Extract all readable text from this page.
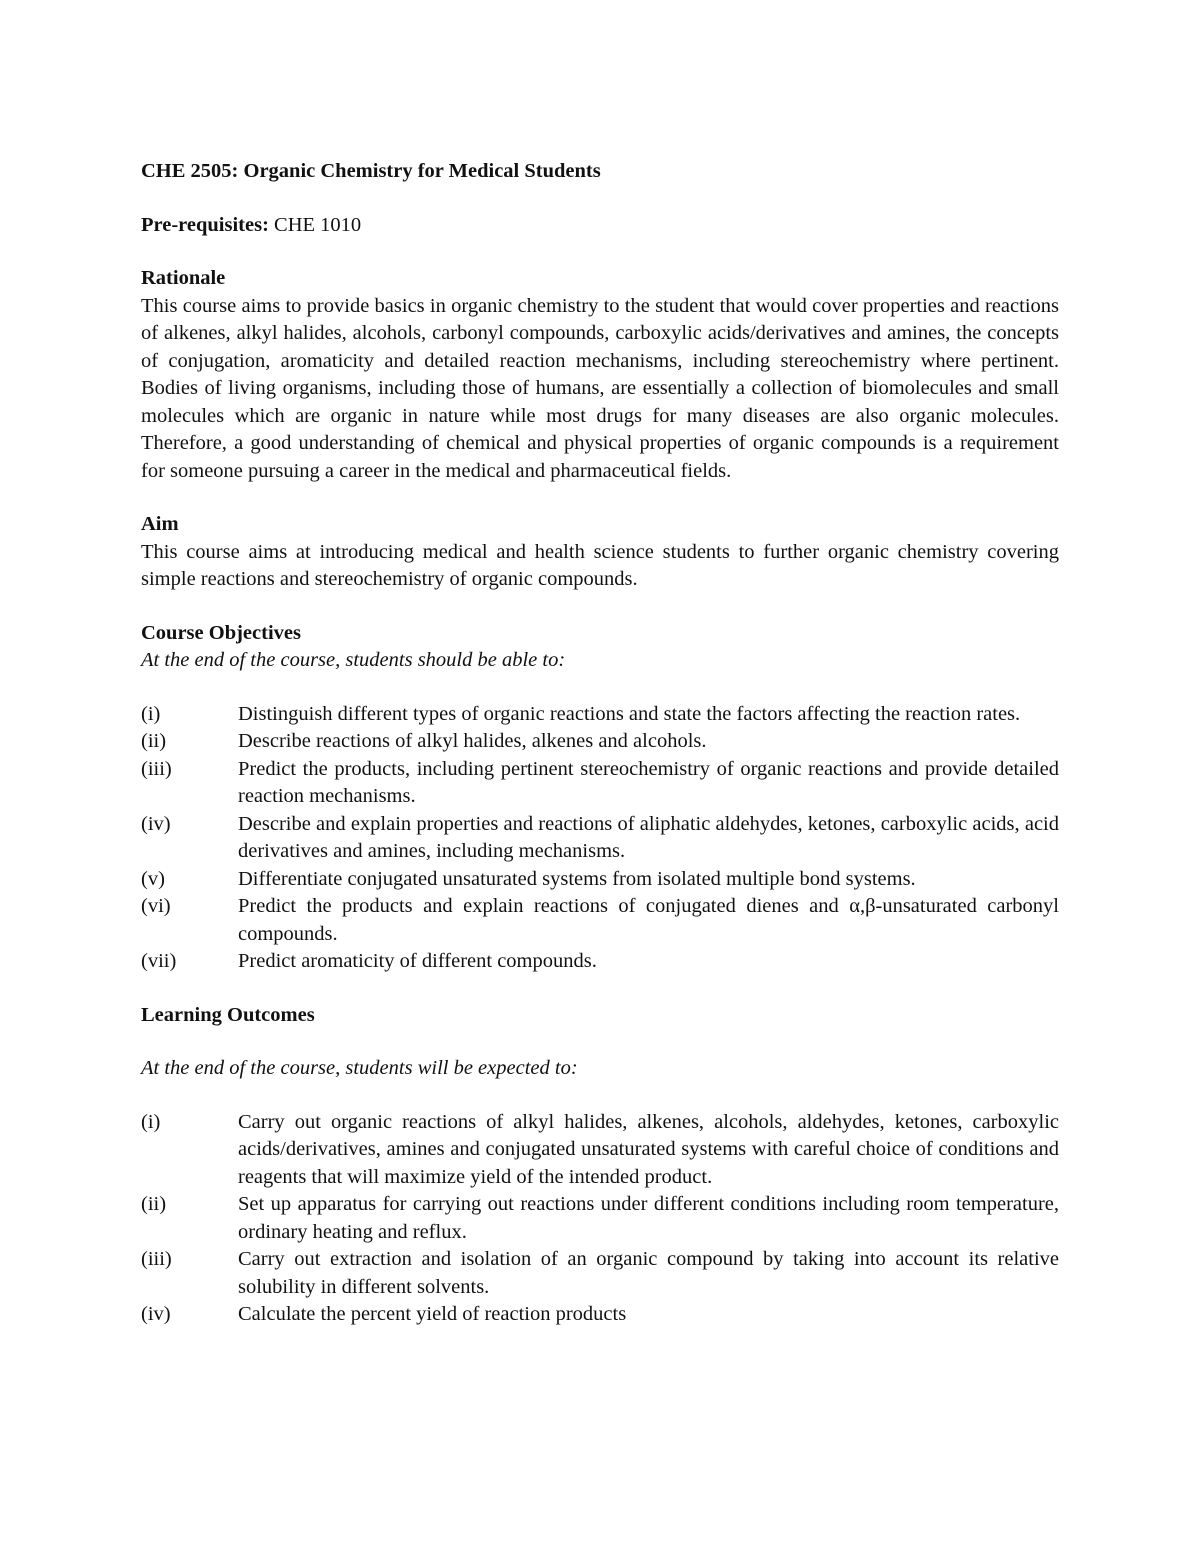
CHE 2505: Organic Chemistry for Medical Students

Pre-requisites: CHE 1010

Rationale

This course aims to provide basics in organic chemistry to the student that would cover properties and reactions of alkenes, alkyl halides, alcohols, carbonyl compounds, carboxylic acids/derivatives and amines, the concepts of conjugation, aromaticity and detailed reaction mechanisms, including stereochemistry where pertinent. Bodies of living organisms, including those of humans, are essentially a collection of biomolecules and small molecules which are organic in nature while most drugs for many diseases are also organic molecules. Therefore, a good understanding of chemical and physical properties of organic compounds is a requirement for someone pursuing a career in the medical and pharmaceutical fields.

Aim

This course aims at introducing medical and health science students to further organic chemistry covering simple reactions and stereochemistry of organic compounds.

Course Objectives

At the end of the course, students should be able to:

(i)	Distinguish different types of organic reactions and state the factors affecting the reaction rates.
(ii)	Describe reactions of alkyl halides, alkenes and alcohols.
(iii)	Predict the products, including pertinent stereochemistry of organic reactions and provide detailed reaction mechanisms.
(iv)	Describe and explain properties and reactions of aliphatic aldehydes, ketones, carboxylic acids, acid derivatives and amines, including mechanisms.
(v)	Differentiate conjugated unsaturated systems from isolated multiple bond systems.
(vi)	Predict the products and explain reactions of conjugated dienes and α,β-unsaturated carbonyl compounds.
(vii)	Predict aromaticity of different compounds.

Learning Outcomes

At the end of the course, students will be expected to:

(i)	Carry out organic reactions of alkyl halides, alkenes, alcohols, aldehydes, ketones, carboxylic acids/derivatives, amines and conjugated unsaturated systems with careful choice of conditions and reagents that will maximize yield of the intended product.
(ii)	Set up apparatus for carrying out reactions under different conditions including room temperature, ordinary heating and reflux.
(iii)	Carry out extraction and isolation of an organic compound by taking into account its relative solubility in different solvents.
(iv)	Calculate the percent yield of reaction products
